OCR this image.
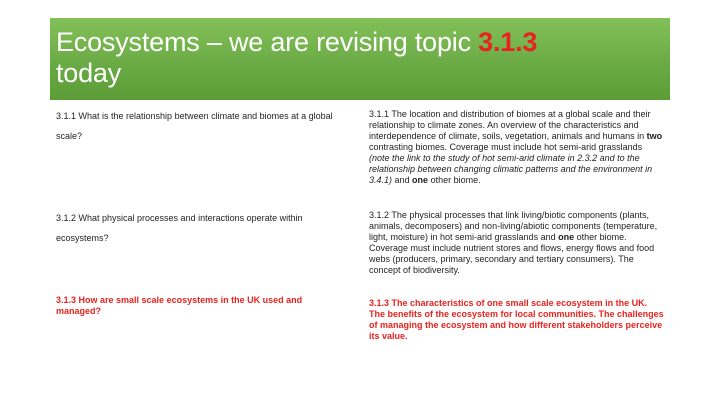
Ecosystems – we are revising topic 3.1.3
today
3.1.1 What is the relationship between climate and biomes at a global scale?
3.1.1 The location and distribution of biomes at a global scale and their relationship to climate zones. An overview of the characteristics and interdependence of climate, soils, vegetation, animals and humans in two contrasting biomes. Coverage must include hot semi-arid grasslands (note the link to the study of hot semi-arid climate in 2.3.2 and to the relationship between changing climatic patterns and the environment in 3.4.1) and one other biome.
3.1.2 What physical processes and interactions operate within ecosystems?
3.1.2 The physical processes that link living/biotic components (plants, animals, decomposers) and non-living/abiotic components (temperature, light, moisture) in hot semi-arid grasslands and one other biome. Coverage must include nutrient stores and flows, energy flows and food webs (producers, primary, secondary and tertiary consumers). The concept of biodiversity.
3.1.3 How are small scale ecosystems in the UK used and managed?
3.1.3 The characteristics of one small scale ecosystem in the UK. The benefits of the ecosystem for local communities. The challenges of managing the ecosystem and how different stakeholders perceive its value.
